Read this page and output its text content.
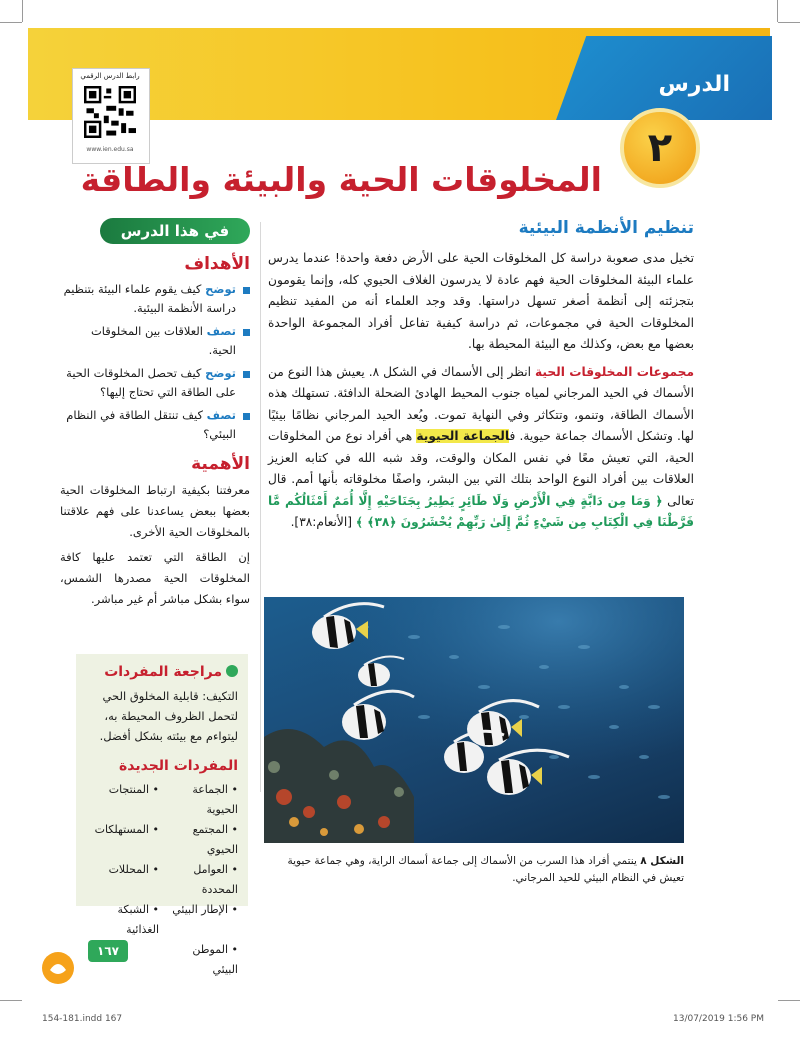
الدرس
٢
رابط الدرس الرقمي
www.ien.edu.sa
المخلوقات الحية والبيئة والطاقة
تنظيم الأنظمة البيئية

تخيل مدى صعوبة دراسة كل المخلوقات الحية على الأرض دفعة واحدة! عندما يدرس علماء البيئة المخلوقات الحية فهم عادة لا يدرسون الغلاف الحيوي كله، وإنما يقومون بتجزئته إلى أنظمة أصغر تسهل دراستها. وقد وجد العلماء أنه من المفيد تنظيم المخلوقات الحية في مجموعات، ثم دراسة كيفية تفاعل أفراد المجموعة الواحدة بعضها مع بعض، وكذلك مع البيئة المحيطة بها.

مجموعات المخلوقات الحية انظر إلى الأسماك في الشكل ٨. يعيش هذا النوع من الأسماك في الحيد المرجاني لمياه جنوب المحيط الهادئ الضحلة الدافئة. تستهلك هذه الأسماك الطاقة، وتنمو، وتتكاثر وفي النهاية تموت. ويُعد الحيد المرجاني نظامًا بيئيًا لها. وتشكل الأسماك جماعة حيوية. فالجماعة الحيوية هي أفراد نوع من المخلوقات الحية، التي تعيش معًا في نفس المكان والوقت، وقد شبه الله في كتابه العزيز العلاقات بين أفراد النوع الواحد بتلك التي بين البشر، واصفًا مخلوقاته بأنها أمم. قال تعالى ﴿ وَمَا مِن دَابَّةٍ فِي الْأَرْضِ وَلَا طَائِرٍ يَطِيرُ بِجَنَاحَيْهِ إِلَّا أُمَمٌ أَمْثَالُكُم مَّا فَرَّطْنَا فِي الْكِتَابِ مِن شَيْءٍ ثُمَّ إِلَىٰ رَبِّهِمْ يُحْشَرُونَ ﴿٣٨﴾ ﴾ [الأنعام:٣٨].

الشكل ٨ ينتمي أفراد هذا السرب من الأسماك إلى جماعة أسماك الراية، وهي جماعة حيوية تعيش في النظام البيئي للحيد المرجاني.
في هذا الدرس
الأهداف
توضح كيف يقوم علماء البيئة بتنظيم دراسة الأنظمة البيئية.
تصف العلاقات بين المخلوقات الحية.
توضح كيف تحصل المخلوقات الحية على الطاقة التي تحتاج إليها؟
تصف كيف تنتقل الطاقة في النظام البيئي؟
الأهمية

معرفتنا بكيفية ارتباط المخلوقات الحية بعضها ببعض يساعدنا على فهم علاقتنا بالمخلوقات الحية الأخرى.

إن الطاقة التي تعتمد عليها كافة المخلوقات الحية مصدرها الشمس، سواء بشكل مباشر أم غير مباشر.

مراجعة المفردات

التكيف: قابلية المخلوق الحي لتحمل الظروف المحيطة به، ليتواءم مع بيئته بشكل أفضل.

المفردات الجديدة
• الجماعة الحيوية
• المنتجات
• المجتمع الحيوي
• المستهلكات
• العوامل المحددة
• المحللات
• الإطار البيئي
• الشبكة الغذائية
• الموطن البيئي
١٦٧
154-181.indd 167	13/07/2019 1:56 PM
